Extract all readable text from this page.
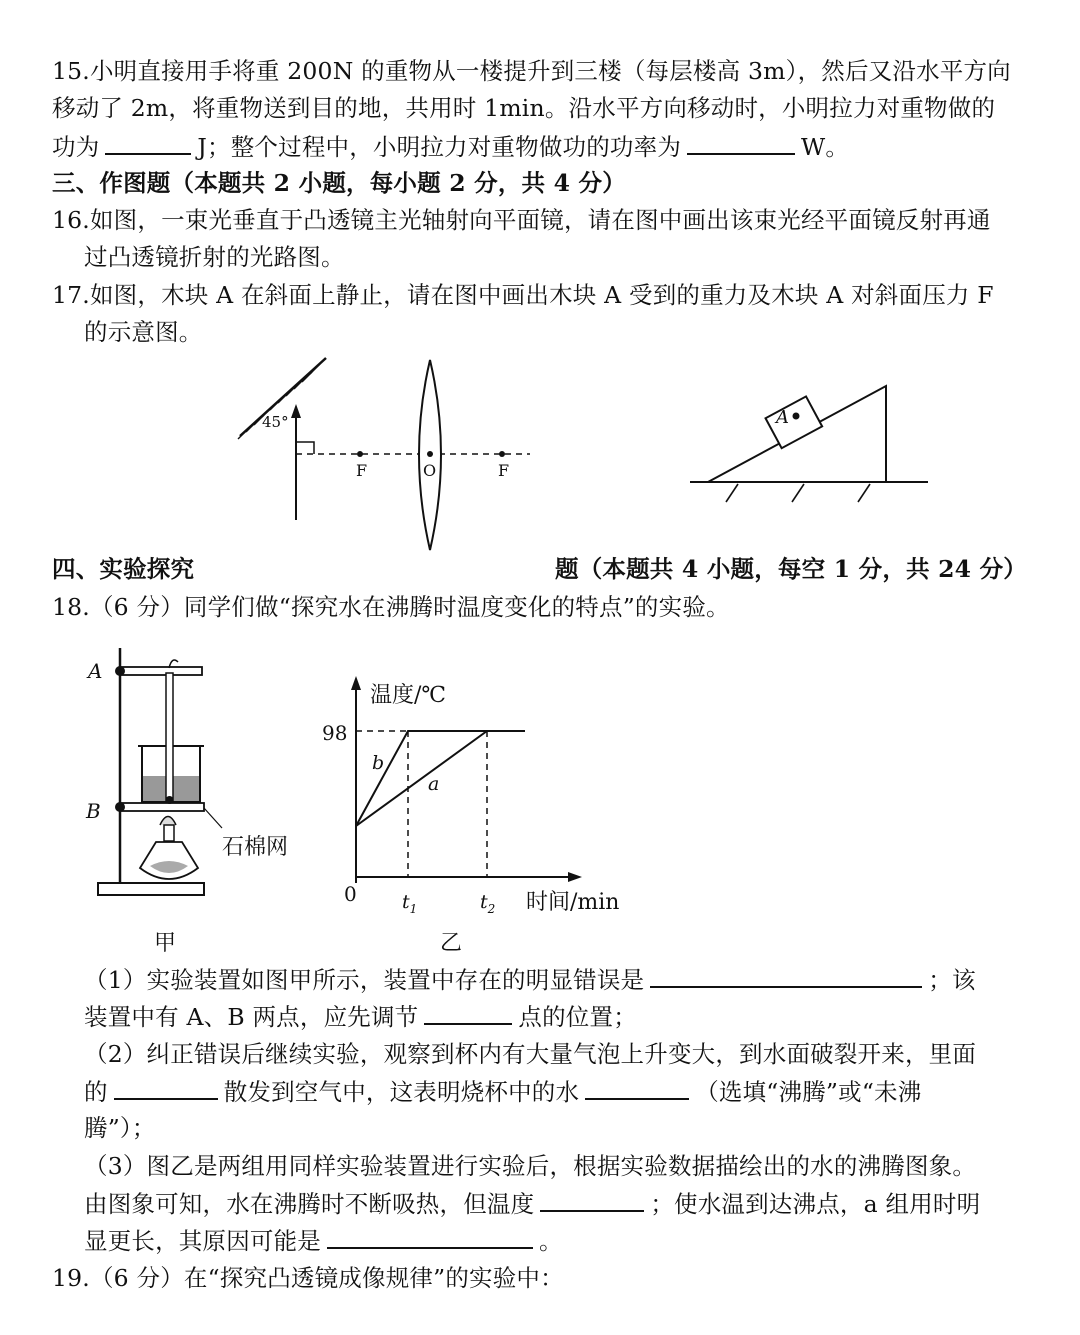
15.小明直接用手将重 200N 的重物从一楼提升到三楼（每层楼高 3m），然后又沿水平方向
移动了 2m，将重物送到目的地，共用时 1min。沿水平方向移动时，小明拉力对重物做的
功为	J；整个过程中，小明拉力对重物做功的功率为	W。
三、作图题（本题共 2 小题，每小题 2 分，共 4 分）
16.如图，一束光垂直于凸透镜主光轴射向平面镜，请在图中画出该束光经平面镜反射再通
过凸透镜折射的光路图。
17.如图，木块 A 在斜面上静止，请在图中画出木块 A 受到的重力及木块 A 对斜面压力 F
的示意图。
45°
F	O	F
A
四、实验探究	题（本题共 4 小题，每空 1 分，共 24 分）
18.（6 分）同学们做“探究水在沸腾时温度变化的特点”的实验。
A
B
石棉网
甲
温度/℃
时间/min
0
98
$t_1$	$t_2$
b
a
乙
（1）实验装置如图甲所示，装置中存在的明显错误是	；该
装置中有 A、B 两点，应先调节	点的位置；
（2）纠正错误后继续实验，观察到杯内有大量气泡上升变大，到水面破裂开来，里面
的	散发到空气中，这表明烧杯中的水	（选填“沸腾”或“未沸
腾”）；
（3）图乙是两组用同样实验装置进行实验后，根据实验数据描绘出的水的沸腾图象。
由图象可知，水在沸腾时不断吸热，但温度	；使水温到达沸点，a 组用时明
显更长，其原因可能是	。
19.（6 分）在“探究凸透镜成像规律”的实验中：
